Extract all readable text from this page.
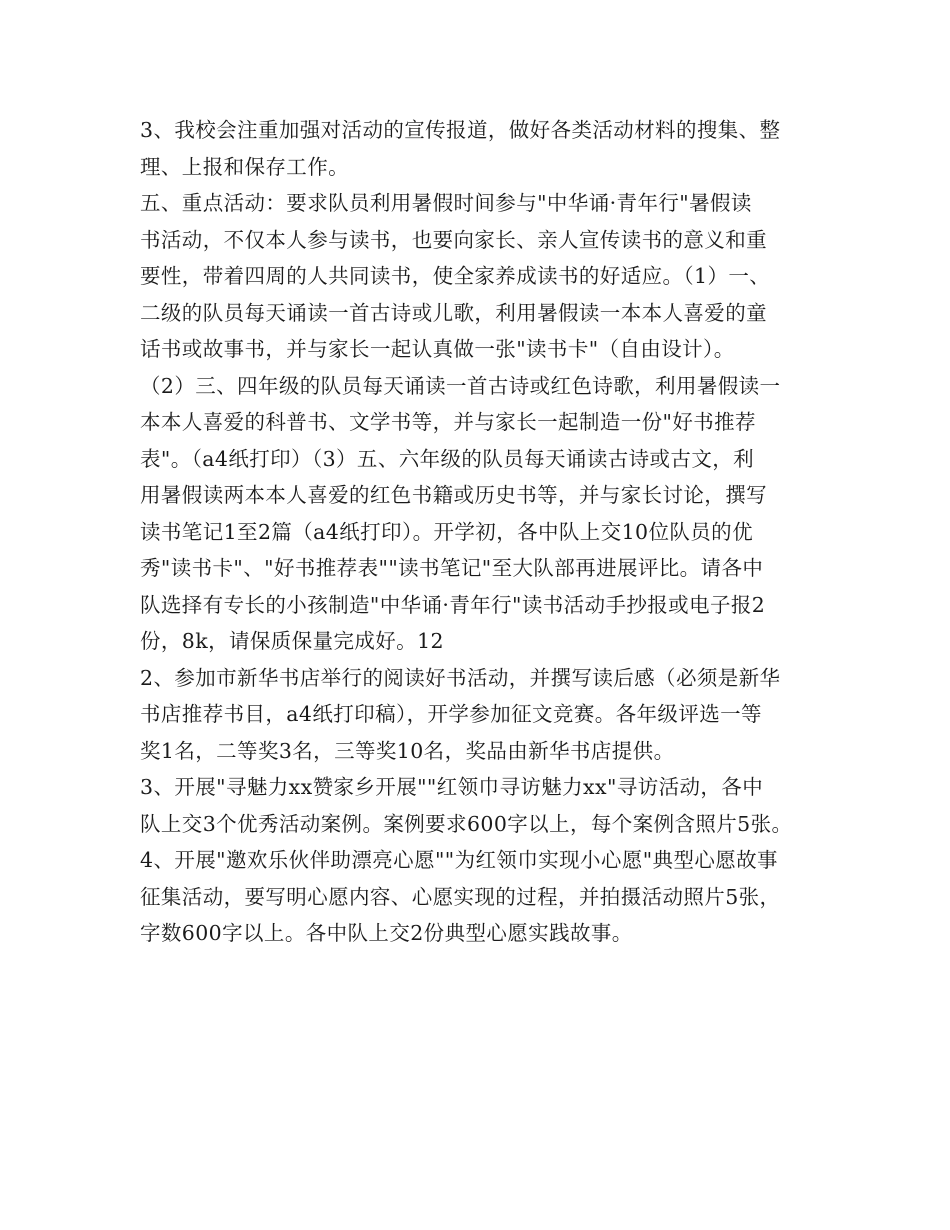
3、我校会注重加强对活动的宣传报道，做好各类活动材料的搜集、整

理、上报和保存工作。

五、重点活动：要求队员利用暑假时间参与"中华诵·青年行"暑假读

书活动，不仅本人参与读书，也要向家长、亲人宣传读书的意义和重

要性，带着四周的人共同读书，使全家养成读书的好适应。（1）一、

二级的队员每天诵读一首古诗或儿歌，利用暑假读一本本人喜爱的童

话书或故事书，并与家长一起认真做一张"读书卡"（自由设计）。

（2）三、四年级的队员每天诵读一首古诗或红色诗歌，利用暑假读一

本本人喜爱的科普书、文学书等，并与家长一起制造一份"好书推荐

表"。（a4纸打印）（3）五、六年级的队员每天诵读古诗或古文，利

用暑假读两本本人喜爱的红色书籍或历史书等，并与家长讨论，撰写

读书笔记1至2篇（a4纸打印）。开学初，各中队上交10位队员的优

秀"读书卡"、"好书推荐表""读书笔记"至大队部再进展评比。请各中

队选择有专长的小孩制造"中华诵·青年行"读书活动手抄报或电子报2

份，8k，请保质保量完成好。12

2、参加市新华书店举行的阅读好书活动，并撰写读后感（必须是新华

书店推荐书目，a4纸打印稿），开学参加征文竞赛。各年级评选一等

奖1名，二等奖3名，三等奖10名，奖品由新华书店提供。

3、开展"寻魅力xx赞家乡开展""红领巾寻访魅力xx"寻访活动，各中

队上交3个优秀活动案例。案例要求600字以上，每个案例含照片5张。

4、开展"邀欢乐伙伴助漂亮心愿""为红领巾实现小心愿"典型心愿故事

征集活动，要写明心愿内容、心愿实现的过程，并拍摄活动照片5张，

字数600字以上。各中队上交2份典型心愿实践故事。
